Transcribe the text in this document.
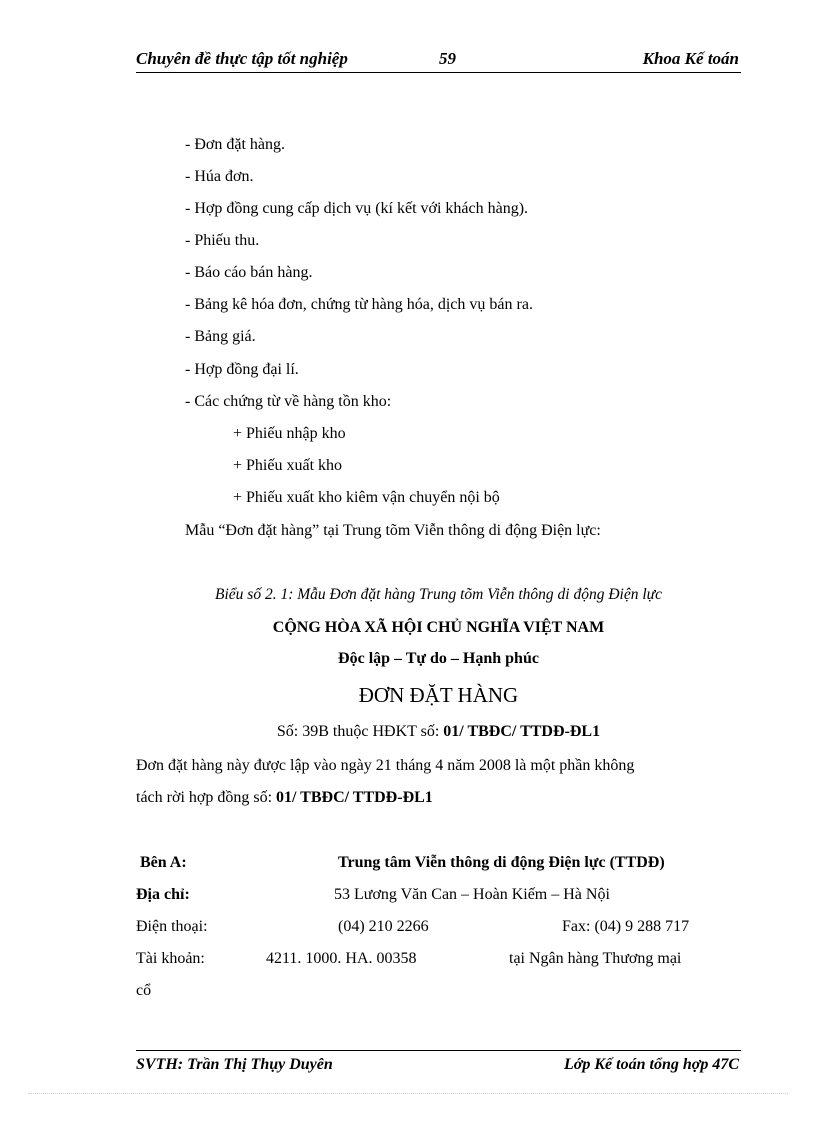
Chuyên đề thực tập tốt nghiệp	59	Khoa Kế toán
- Đơn đặt hàng.
- Húa đơn.
- Hợp đồng cung cấp dịch vụ (kí kết với khách hàng).
- Phiếu thu.
- Báo cáo bán hàng.
- Bảng kê hóa đơn, chứng từ hàng hóa, dịch vụ bán ra.
- Bảng giá.
- Hợp đồng đại lí.
- Các chứng từ về hàng tồn kho:
+ Phiếu nhập kho
+ Phiếu xuất kho
+ Phiếu xuất kho kiêm vận chuyển nội bộ
Mẫu “Đơn đặt hàng” tại Trung tõm Viễn thông di động Điện lực:
Biểu số 2. 1: Mẫu Đơn đặt hàng Trung tõm Viễn thông di động Điện lực
CỘNG HÒA XÃ HỘI CHỦ NGHĨA VIỆT NAM
Độc lập – Tự do – Hạnh phúc
ĐƠN ĐẶT HÀNG
Số: 39B thuộc HĐKT số: 01/ TBĐC/ TTDĐ-ĐL1
Đơn đặt hàng này được lập vào ngày 21 tháng 4 năm 2008 là một phần không
tách rời hợp đồng số: 01/ TBĐC/ TTDĐ-ĐL1
Bên A:	Trung tâm Viễn thông di động Điện lực (TTDĐ)
Địa chỉ:	53 Lương Văn Can – Hoàn Kiếm – Hà Nội
Điện thoại:	(04) 210 2266	Fax: (04) 9 288 717
Tài khoản:	4211. 1000. HA. 00358	tại Ngân hàng Thương mại
cổ
SVTH: Trần Thị Thụy Duyên	Lớp Kế toán tổng hợp 47C
